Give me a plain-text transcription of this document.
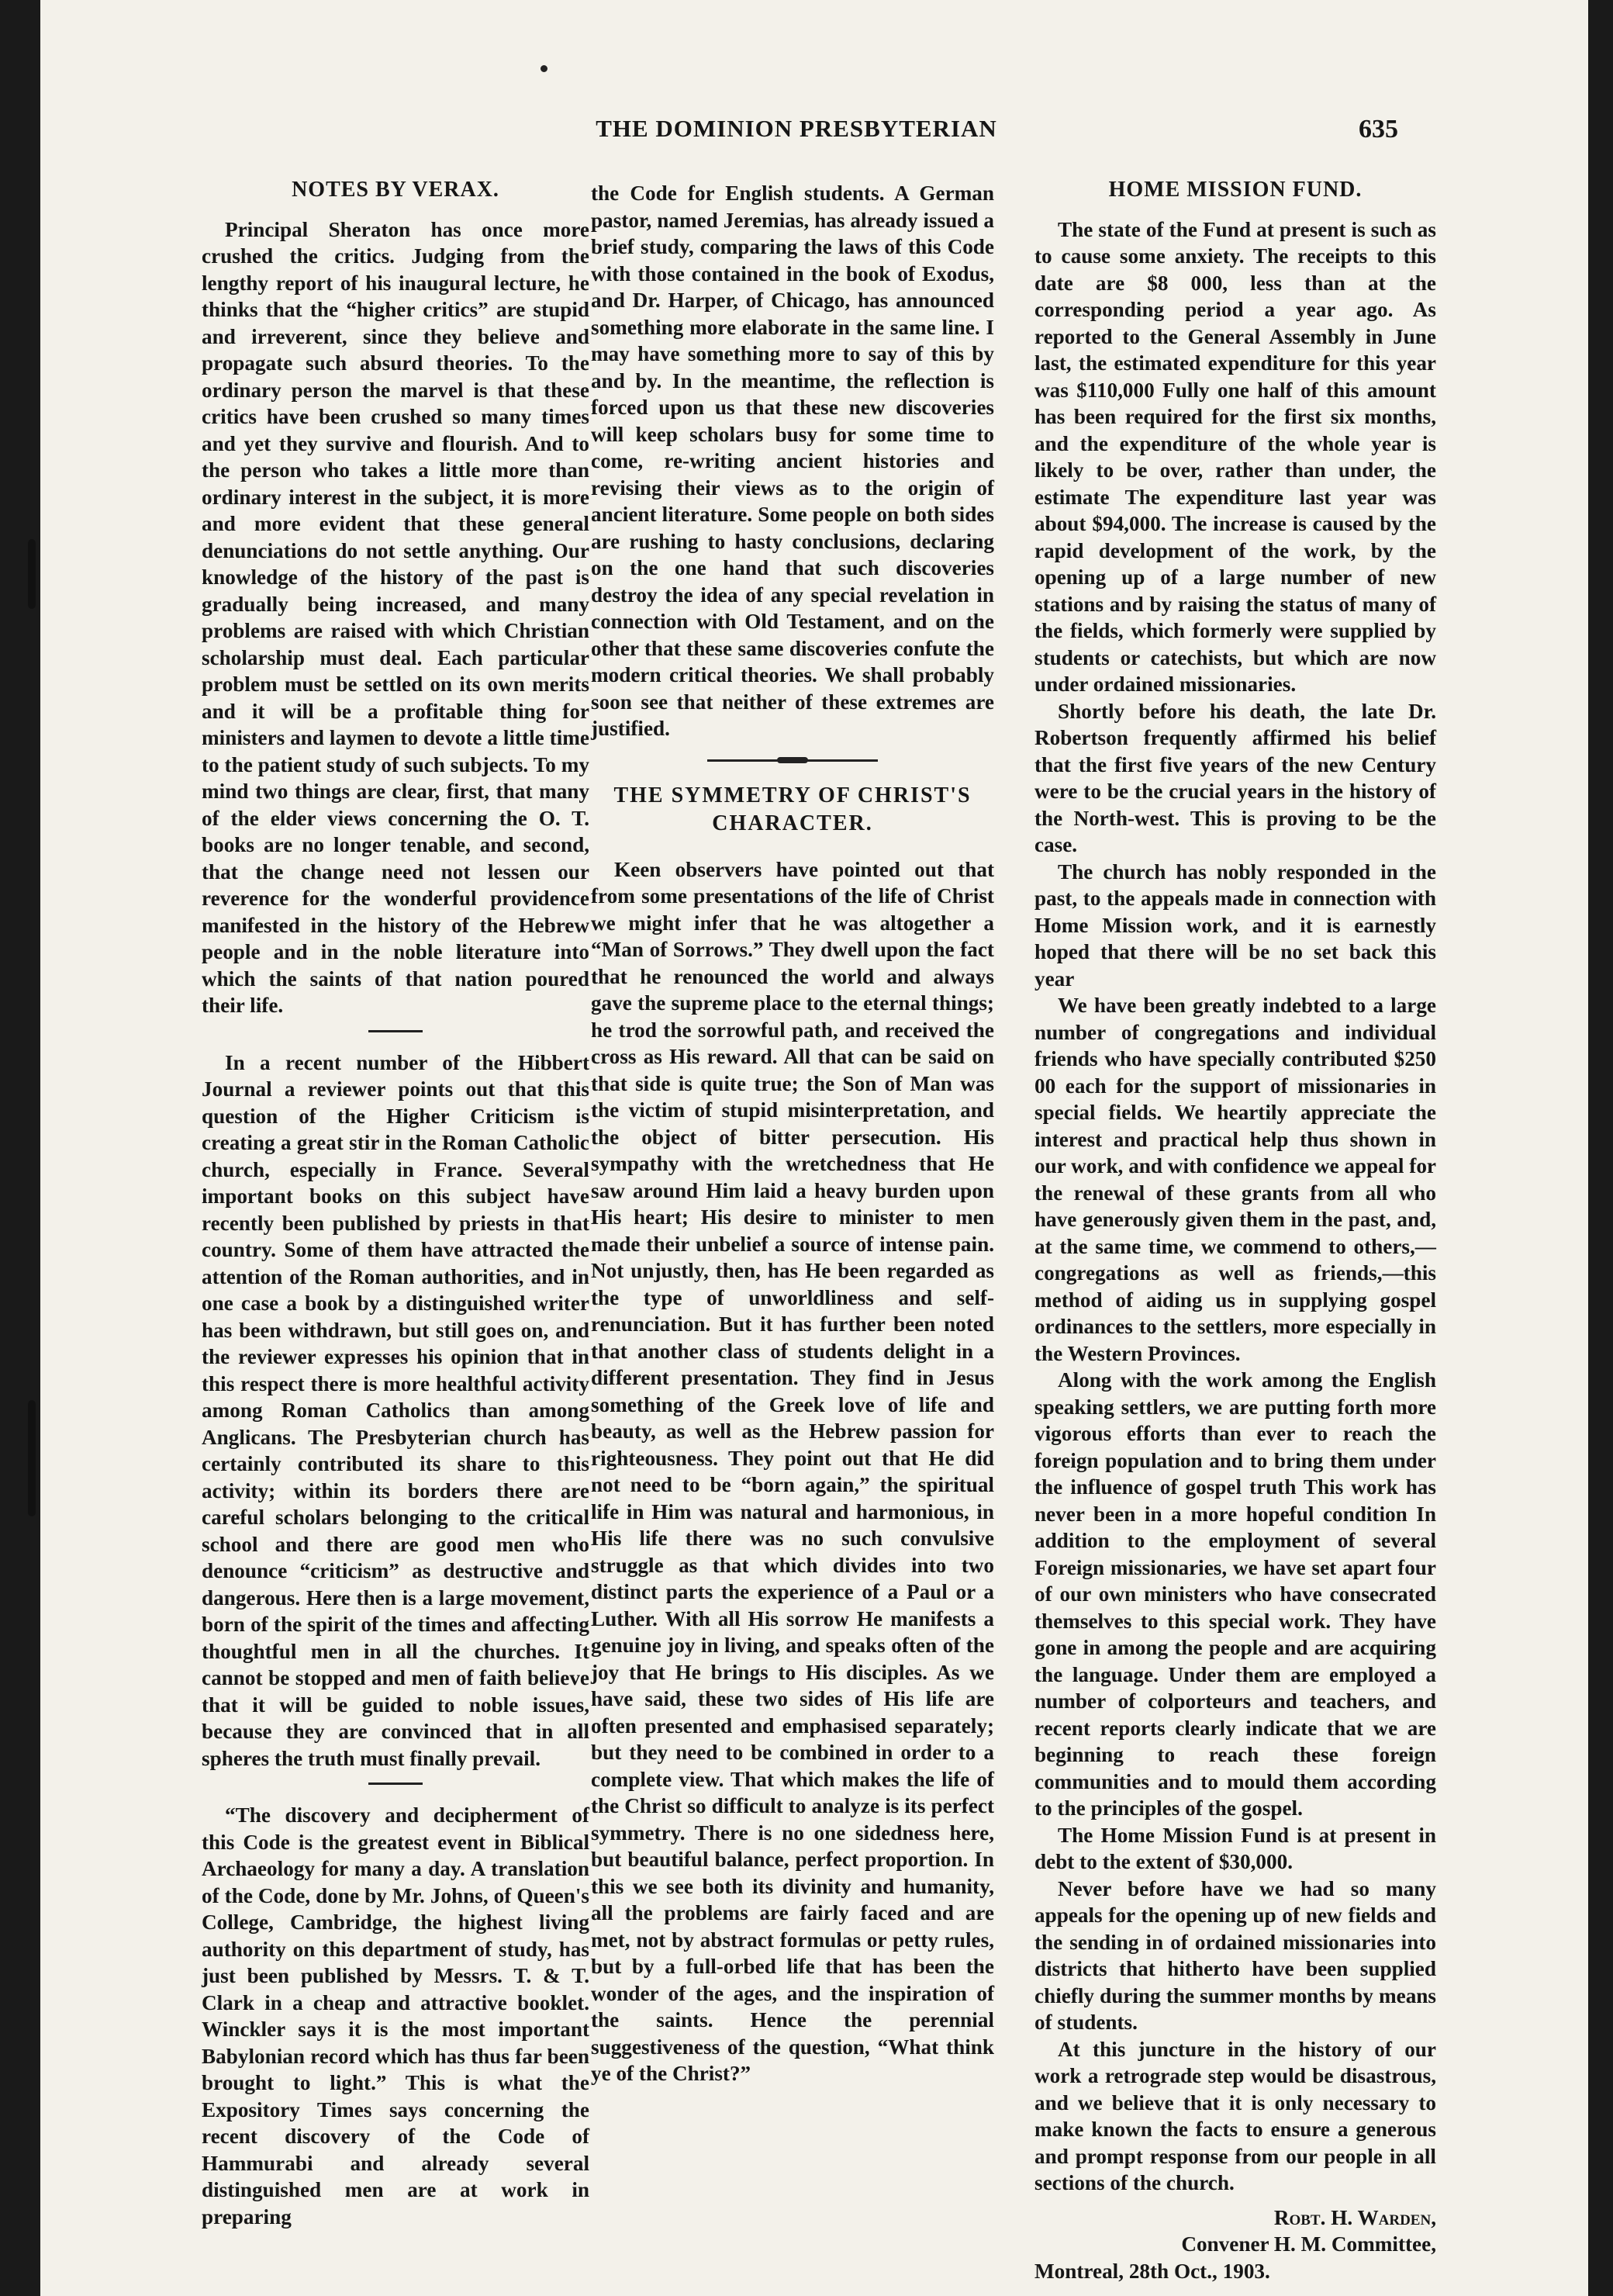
THE DOMINION PRESBYTERIAN	635
NOTES BY VERAX.

Principal Sheraton has once more crushed the critics. Judging from the lengthy report of his inaugural lecture, he thinks that the “higher critics” are stupid and irreverent, since they believe and propagate such absurd theories. To the ordinary person the marvel is that these critics have been crushed so many times and yet they survive and flourish. And to the person who takes a little more than ordinary interest in the subject, it is more and more evident that these general denunciations do not settle anything. Our knowledge of the history of the past is gradually being increased, and many problems are raised with which Christian scholarship must deal. Each particular problem must be settled on its own merits and it will be a profitable thing for ministers and laymen to devote a little time to the patient study of such subjects. To my mind two things are clear, first, that many of the elder views concerning the O. T. books are no longer tenable, and second, that the change need not lessen our reverence for the wonderful providence manifested in the history of the Hebrew people and in the noble literature into which the saints of that nation poured their life.

In a recent number of the Hibbert Journal a reviewer points out that this question of the Higher Criticism is creating a great stir in the Roman Catholic church, especially in France. Several important books on this subject have recently been published by priests in that country. Some of them have attracted the attention of the Roman authorities, and in one case a book by a distinguished writer has been withdrawn, but still goes on, and the reviewer expresses his opinion that in this respect there is more healthful activity among Roman Catholics than among Anglicans. The Presbyterian church has certainly contributed its share to this activity; within its borders there are careful scholars belonging to the critical school and there are good men who denounce “criticism” as destructive and dangerous. Here then is a large movement, born of the spirit of the times and affecting thoughtful men in all the churches. It cannot be stopped and men of faith believe that it will be guided to noble issues, because they are convinced that in all spheres the truth must finally prevail.

“The discovery and decipherment of this Code is the greatest event in Biblical Archaeology for many a day. A translation of the Code, done by Mr. Johns, of Queen's College, Cambridge, the highest living authority on this department of study, has just been published by Messrs. T. & T. Clark in a cheap and attractive booklet. Winckler says it is the most important Babylonian record which has thus far been brought to light.” This is what the Expository Times says concerning the recent discovery of the Code of Hammurabi and already several distinguished men are at work in preparing

the Code for English students. A German pastor, named Jeremias, has already issued a brief study, comparing the laws of this Code with those contained in the book of Exodus, and Dr. Harper, of Chicago, has announced something more elaborate in the same line. I may have something more to say of this by and by. In the meantime, the reflection is forced upon us that these new discoveries will keep scholars busy for some time to come, re-writing ancient histories and revising their views as to the origin of ancient literature. Some people on both sides are rushing to hasty conclusions, declaring on the one hand that such discoveries destroy the idea of any special revelation in connection with Old Testament, and on the other that these same discoveries confute the modern critical theories. We shall probably soon see that neither of these extremes are justified.

THE SYMMETRY OF CHRIST'S CHARACTER.

Keen observers have pointed out that from some presentations of the life of Christ we might infer that he was altogether a “Man of Sorrows.” They dwell upon the fact that he renounced the world and always gave the supreme place to the eternal things; he trod the sorrowful path, and received the cross as His reward. All that can be said on that side is quite true; the Son of Man was the victim of stupid misinterpretation, and the object of bitter persecution. His sympathy with the wretchedness that He saw around Him laid a heavy burden upon His heart; His desire to minister to men made their unbelief a source of intense pain. Not unjustly, then, has He been regarded as the type of unworldliness and self-renunciation. But it has further been noted that another class of students delight in a different presentation. They find in Jesus something of the Greek love of life and beauty, as well as the Hebrew passion for righteousness. They point out that He did not need to be “born again,” the spiritual life in Him was natural and harmonious, in His life there was no such convulsive struggle as that which divides into two distinct parts the experience of a Paul or a Luther. With all His sorrow He manifests a genuine joy in living, and speaks often of the joy that He brings to His disciples. As we have said, these two sides of His life are often presented and emphasised separately; but they need to be combined in order to a complete view. That which makes the life of the Christ so difficult to analyze is its perfect symmetry. There is no one sidedness here, but beautiful balance, perfect proportion. In this we see both its divinity and humanity, all the problems are fairly faced and are met, not by abstract formulas or petty rules, but by a full-orbed life that has been the wonder of the ages, and the inspiration of the saints. Hence the perennial suggestiveness of the question, “What think ye of the Christ?”

HOME MISSION FUND.

The state of the Fund at present is such as to cause some anxiety. The receipts to this date are $8 000, less than at the corresponding period a year ago. As reported to the General Assembly in June last, the estimated expenditure for this year was $110,000 Fully one half of this amount has been required for the first six months, and the expenditure of the whole year is likely to be over, rather than under, the estimate The expenditure last year was about $94,000. The increase is caused by the rapid development of the work, by the opening up of a large number of new stations and by raising the status of many of the fields, which formerly were supplied by students or catechists, but which are now under ordained missionaries.

Shortly before his death, the late Dr. Robertson frequently affirmed his belief that the first five years of the new Century were to be the crucial years in the history of the North-west. This is proving to be the case.

The church has nobly responded in the past, to the appeals made in connection with Home Mission work, and it is earnestly hoped that there will be no set back this year

We have been greatly indebted to a large number of congregations and individual friends who have specially contributed $250 00 each for the support of missionaries in special fields. We heartily appreciate the interest and practical help thus shown in our work, and with confidence we appeal for the renewal of these grants from all who have generously given them in the past, and, at the same time, we commend to others,—congregations as well as friends,—this method of aiding us in supplying gospel ordinances to the settlers, more especially in the Western Provinces.

Along with the work among the English speaking settlers, we are putting forth more vigorous efforts than ever to reach the foreign population and to bring them under the influence of gospel truth This work has never been in a more hopeful condition In addition to the employment of several Foreign missionaries, we have set apart four of our own ministers who have consecrated themselves to this special work. They have gone in among the people and are acquiring the language. Under them are employed a number of colporteurs and teachers, and recent reports clearly indicate that we are beginning to reach these foreign communities and to mould them according to the principles of the gospel.

The Home Mission Fund is at present in debt to the extent of $30,000.

Never before have we had so many appeals for the opening up of new fields and the sending in of ordained missionaries into districts that hitherto have been supplied chiefly during the summer months by means of students.

At this juncture in the history of our work a retrograde step would be disastrous, and we believe that it is only necessary to make known the facts to ensure a generous and prompt response from our people in all sections of the church.

Robt. H. Warden,
Convener H. M. Committee,
Montreal, 28th Oct., 1903.
